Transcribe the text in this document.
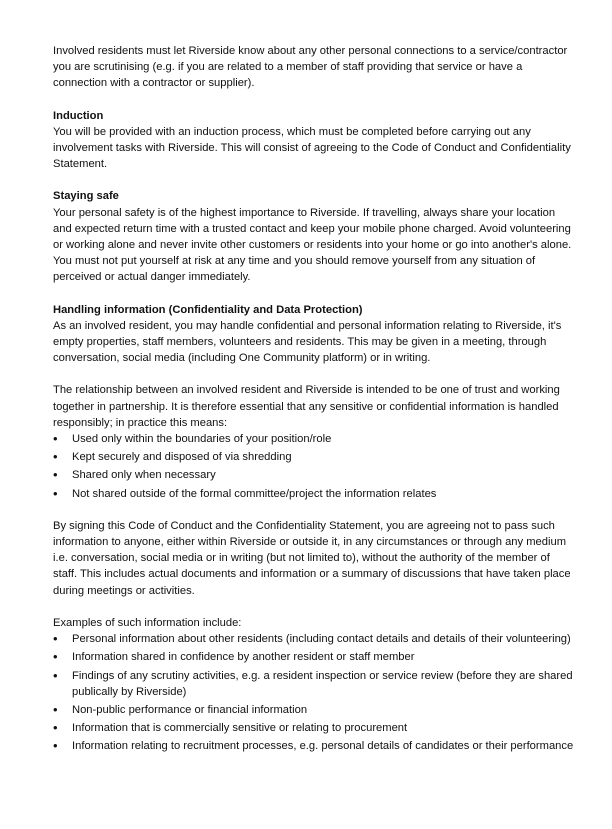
Involved residents must let Riverside know about any other personal connections to a service/contractor you are scrutinising (e.g. if you are related to a member of staff providing that service or have a connection with a contractor or supplier).

Induction

You will be provided with an induction process, which must be completed before carrying out any involvement tasks with Riverside. This will consist of agreeing to the Code of Conduct and Confidentiality Statement.

Staying safe

Your personal safety is of the highest importance to Riverside. If travelling, always share your location and expected return time with a trusted contact and keep your mobile phone charged. Avoid volunteering or working alone and never invite other customers or residents into your home or go into another's alone. You must not put yourself at risk at any time and you should remove yourself from any situation of perceived or actual danger immediately.

Handling information (Confidentiality and Data Protection)

As an involved resident, you may handle confidential and personal information relating to Riverside, it's empty properties, staff members, volunteers and residents. This may be given in a meeting, through conversation, social media (including One Community platform) or in writing.

The relationship between an involved resident and Riverside is intended to be one of trust and working together in partnership. It is therefore essential that any sensitive or confidential information is handled responsibly; in practice this means:

• Used only within the boundaries of your position/role
• Kept securely and disposed of via shredding
• Shared only when necessary
• Not shared outside of the formal committee/project the information relates

By signing this Code of Conduct and the Confidentiality Statement, you are agreeing not to pass such information to anyone, either within Riverside or outside it, in any circumstances or through any medium i.e. conversation, social media or in writing (but not limited to), without the authority of the member of staff. This includes actual documents and information or a summary of discussions that have taken place during meetings or activities.

Examples of such information include:

• Personal information about other residents (including contact details and details of their volunteering)
• Information shared in confidence by another resident or staff member
• Findings of any scrutiny activities, e.g. a resident inspection or service review (before they are shared publically by Riverside)
• Non-public performance or financial information
• Information that is commercially sensitive or relating to procurement
• Information relating to recruitment processes, e.g. personal details of candidates or their performance
